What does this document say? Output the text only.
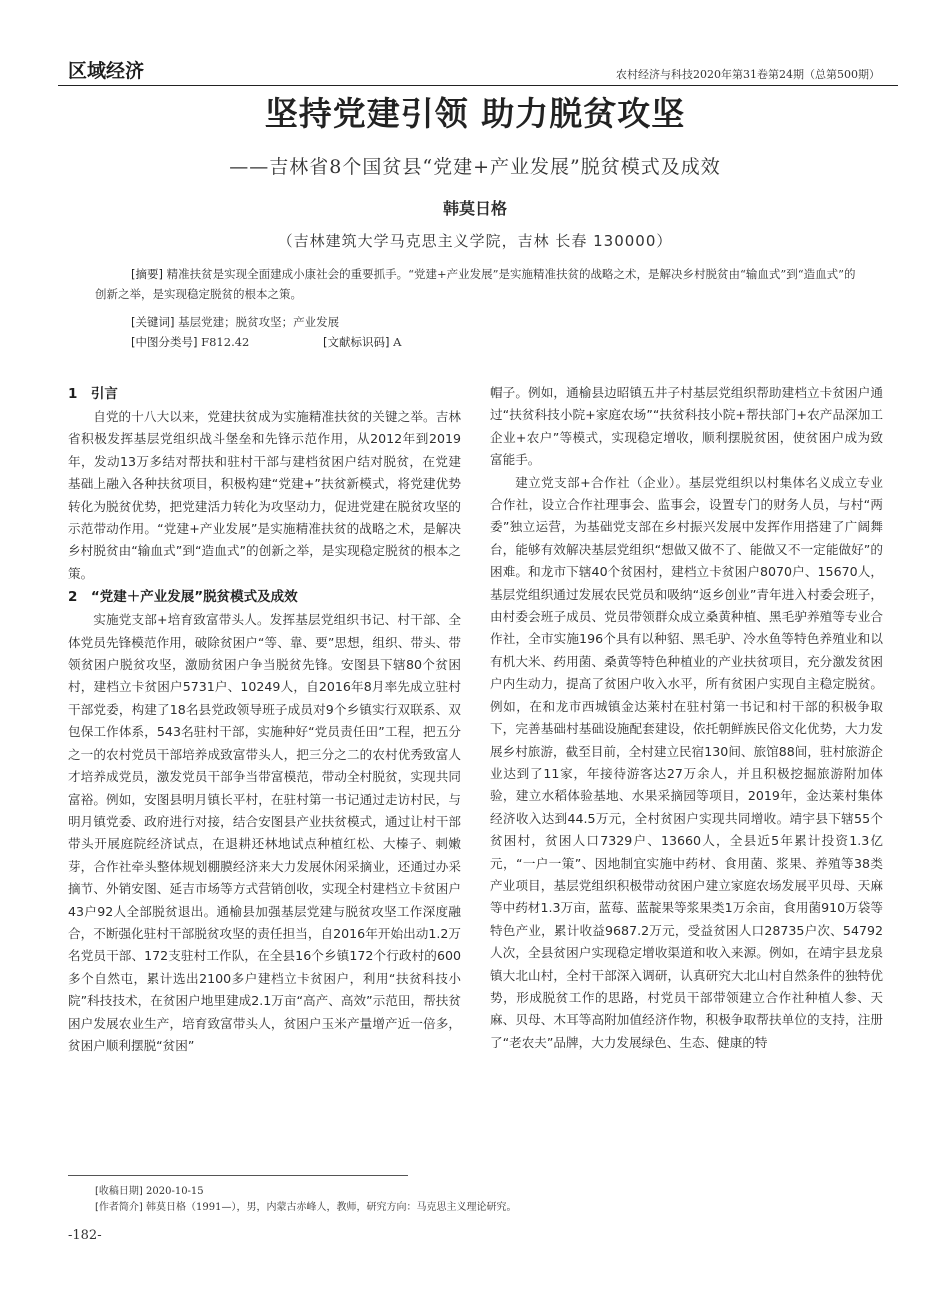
区域经济	农村经济与科技2020年第31卷第24期（总第500期）
坚持党建引领 助力脱贫攻坚
——吉林省8个国贫县“党建+产业发展”脱贫模式及成效
韩莫日格
（吉林建筑大学马克思主义学院，吉林 长春 130000）
[摘要] 精准扶贫是实现全面建成小康社会的重要抓手。“党建+产业发展”是实施精准扶贫的战略之术，是解决乡村脱贫由“输血式”到“造血式”的创新之举，是实现稳定脱贫的根本之策。
[关键词] 基层党建；脱贫攻坚；产业发展
[中图分类号] F812.42	[文献标识码] A
1　引言

自党的十八大以来，党建扶贫成为实施精准扶贫的关键之举。吉林省积极发挥基层党组织战斗堡垒和先锋示范作用，从2012年到2019年，发动13万多结对帮扶和驻村干部与建档贫困户结对脱贫，在党建基础上融入各种扶贫项目，积极构建“党建+”扶贫新模式，将党建优势转化为脱贫优势，把党建活力转化为攻坚动力，促进党建在脱贫攻坚的示范带动作用。“党建+产业发展”是实施精准扶贫的战略之术，是解决乡村脱贫由“输血式”到“造血式”的创新之举，是实现稳定脱贫的根本之策。

2　“党建＋产业发展”脱贫模式及成效

实施党支部+培育致富带头人。发挥基层党组织书记、村干部、全体党员先锋模范作用，破除贫困户“等、靠、要”思想，组织、带头、带领贫困户脱贫攻坚，激励贫困户争当脱贫先锋。安图县下辖80个贫困村，建档立卡贫困户5731户、10249人，自2016年8月率先成立驻村干部党委，构建了18名县党政领导班子成员对9个乡镇实行双联系、双包保工作体系，543名驻村干部，实施种好“党员责任田”工程，把五分之一的农村党员干部培养成致富带头人，把三分之二的农村优秀致富人才培养成党员，激发党员干部争当带富模范，带动全村脱贫，实现共同富裕。例如，安图县明月镇长平村，在驻村第一书记通过走访村民，与明月镇党委、政府进行对接，结合安图县产业扶贫模式，通过让村干部带头开展庭院经济试点，在退耕还林地试点种植红松、大榛子、刺嫩芽，合作社牵头整体规划棚膜经济来大力发展休闲采摘业，还通过办采摘节、外销安图、延吉市场等方式营销创收，实现全村建档立卡贫困户43户92人全部脱贫退出。通榆县加强基层党建与脱贫攻坚工作深度融合，不断强化驻村干部脱贫攻坚的责任担当，自2016年开始出动1.2万名党员干部、172支驻村工作队，在全县16个乡镇172个行政村的600多个自然屯，累计选出2100多户建档立卡贫困户，利用“扶贫科技小院”科技技术，在贫困户地里建成2.1万亩“高产、高效”示范田，帮扶贫困户发展农业生产，培育致富带头人，贫困户玉米产量增产近一倍多，贫困户顺利摆脱“贫困”

帽子。例如，通榆县边昭镇五井子村基层党组织帮助建档立卡贫困户通过“扶贫科技小院+家庭农场”“扶贫科技小院+帮扶部门+农产品深加工企业+农户”等模式，实现稳定增收，顺利摆脱贫困，使贫困户成为致富能手。

建立党支部+合作社（企业）。基层党组织以村集体名义成立专业合作社，设立合作社理事会、监事会，设置专门的财务人员，与村“两委”独立运营，为基础党支部在乡村振兴发展中发挥作用搭建了广阔舞台，能够有效解决基层党组织“想做又做不了、能做又不一定能做好”的困难。和龙市下辖40个贫困村，建档立卡贫困户8070户、15670人，基层党组织通过发展农民党员和吸纳“返乡创业”青年进入村委会班子，由村委会班子成员、党员带领群众成立桑黄种植、黑毛驴养殖等专业合作社，全市实施196个具有以种貂、黑毛驴、冷水鱼等特色养殖业和以有机大米、药用菌、桑黄等特色种植业的产业扶贫项目，充分激发贫困户内生动力，提高了贫困户收入水平，所有贫困户实现自主稳定脱贫。例如，在和龙市西城镇金达莱村在驻村第一书记和村干部的积极争取下，完善基础村基础设施配套建设，依托朝鲜族民俗文化优势，大力发展乡村旅游，截至目前，全村建立民宿130间、旅馆88间，驻村旅游企业达到了11家，年接待游客达27万余人，并且积极挖掘旅游附加体验，建立水稻体验基地、水果采摘园等项目，2019年，金达莱村集体经济收入达到44.5万元，全村贫困户实现共同增收。靖宇县下辖55个贫困村，贫困人口7329户、13660人，全县近5年累计投资1.3亿元，“一户一策”、因地制宜实施中药材、食用菌、浆果、养殖等38类产业项目，基层党组织积极带动贫困户建立家庭农场发展平贝母、天麻等中药材1.3万亩，蓝莓、蓝靛果等浆果类1万余亩，食用菌910万袋等特色产业，累计收益9687.2万元，受益贫困人口28735户次、54792人次，全县贫困户实现稳定增收渠道和收入来源。例如，在靖宇县龙泉镇大北山村，全村干部深入调研，认真研究大北山村自然条件的独特优势，形成脱贫工作的思路，村党员干部带领建立合作社种植人参、天麻、贝母、木耳等高附加值经济作物，积极争取帮扶单位的支持，注册了“老农夫”品牌，大力发展绿色、生态、健康的特

[收稿日期] 2020-10-15
[作者简介] 韩莫日格（1991—），男，内蒙古赤峰人，教师，研究方向：马克思主义理论研究。
-182-
